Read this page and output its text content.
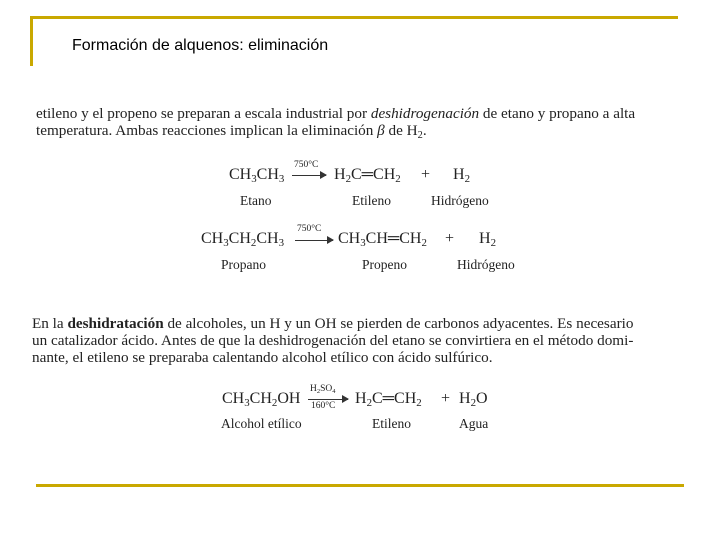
Formación de alquenos: eliminación
etileno y el propeno se preparan a escala industrial por deshidrogenación de etano y propano a alta
temperatura. Ambas reacciones implican la eliminación β de $H_2$.
$CH_3CH_3$
750°C
$H_2C═CH_2 + H_2$
Etano	Etileno	Hidrógeno
$CH_3CH_2CH_3$
750°C
$CH_3CH═CH_2 + H_2$
Propano	Propeno	Hidrógeno
En la deshidratación de alcoholes, un H y un OH se pierden de carbonos adyacentes. Es necesario
un catalizador ácido. Antes de que la deshidrogenación del etano se convirtiera en el método domi-
nante, el etileno se preparaba calentando alcohol etílico con ácido sulfúrico.
$CH_3CH_2OH$
$H_2SO_4$
160°C $H_2C═CH_2 + H_2O$
Alcohol etílico	Etileno	Agua
